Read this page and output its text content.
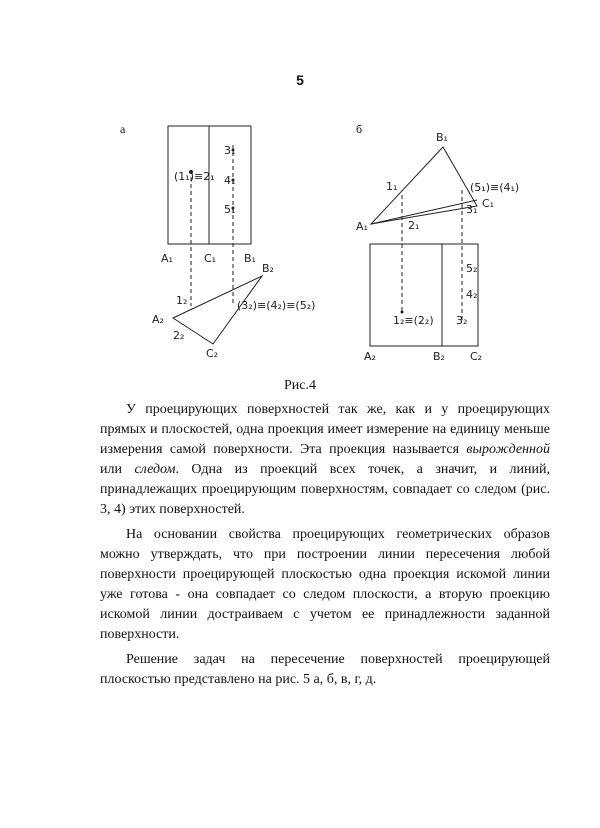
5
а
(1₁)≡2₁
3₁
4₁
5₁
A₁	C₁	B₁
B₂
A₂
1₂
2₂
C₂
(3₂)≡(4₂)≡(5₂)
б
B₁
1₁	(5₁)≡(4₁)
3₁ C₁
A₁	2₁
5₂
4₂
3₂
1₂≡(2₂)
A₂	B₂ C₂
Рис.4

У проецирующих поверхностей так же, как и у проецирующих прямых и плоскостей, одна проекция имеет измерение на единицу меньше измерения самой поверхности. Эта проекция называется вырожденной или следом. Одна из проекций всех точек, а значит, и линий, принадлежащих проецирующим поверхностям, совпадает со следом (рис. 3, 4) этих поверхностей.

На основании свойства проецирующих геометрических образов можно утверждать, что при построении линии пересечения любой поверхности проецирующей плоскостью одна проекция искомой линии уже готова - она совпадает со следом плоскости, а вторую проекцию искомой линии достраиваем с учетом ее принадлежности заданной поверхности.

Решение задач на пересечение поверхностей проецирующей плоскостью представлено на рис. 5 а, б, в, г, д.
